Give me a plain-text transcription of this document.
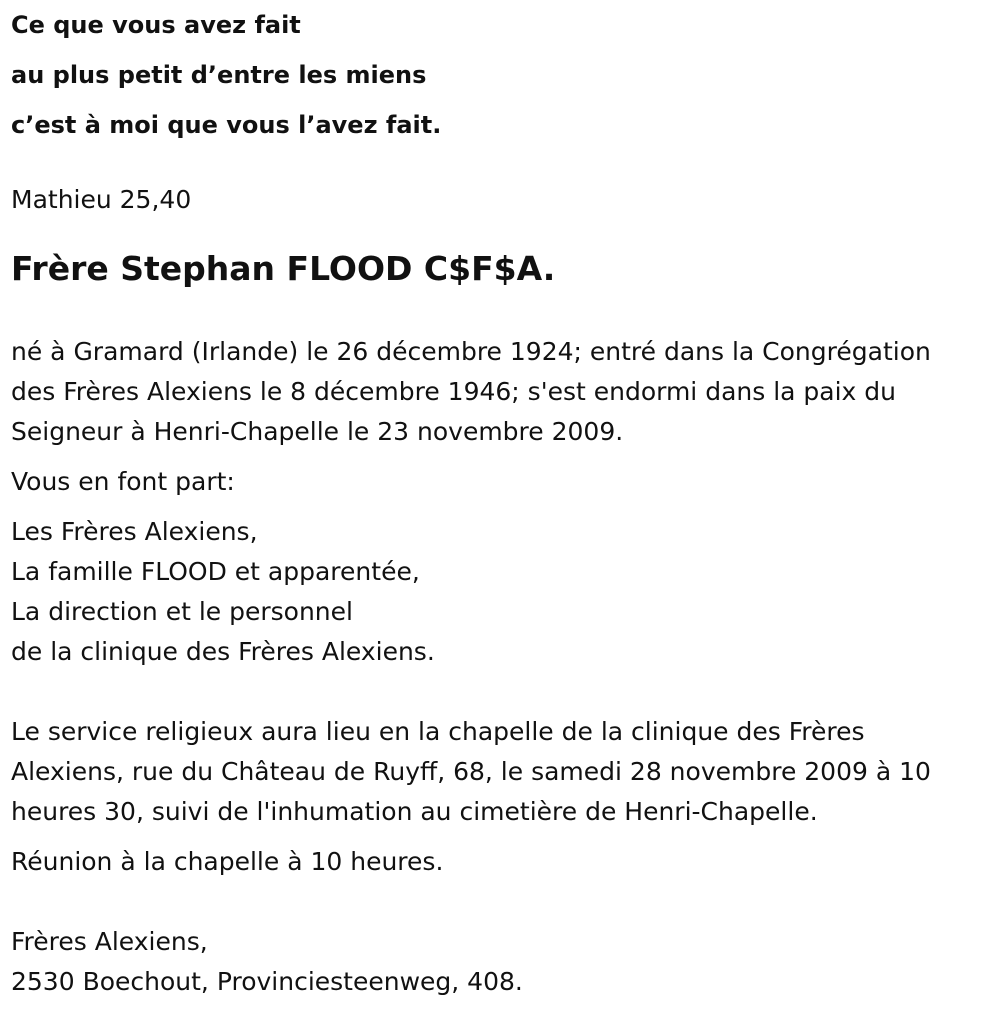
Ce que vous avez fait
au plus petit d’entre les miens
c’est à moi que vous l’avez fait.
Mathieu 25,40
Frère Stephan FLOOD C$F$A.
né à Gramard (Irlande) le 26 décembre 1924; entré dans la Congrégation
des Frères Alexiens le 8 décembre 1946; s'est endormi dans la paix du
Seigneur à Henri-Chapelle le 23 novembre 2009.
Vous en font part:
Les Frères Alexiens,
La famille FLOOD et apparentée,
La direction et le personnel
de la clinique des Frères Alexiens.
Le service religieux aura lieu en la chapelle de la clinique des Frères
Alexiens, rue du Château de Ruyff, 68, le samedi 28 novembre 2009 à 10
heures 30, suivi de l'inhumation au cimetière de Henri-Chapelle.
Réunion à la chapelle à 10 heures.
Frères Alexiens,
2530 Boechout, Provinciesteenweg, 408.
